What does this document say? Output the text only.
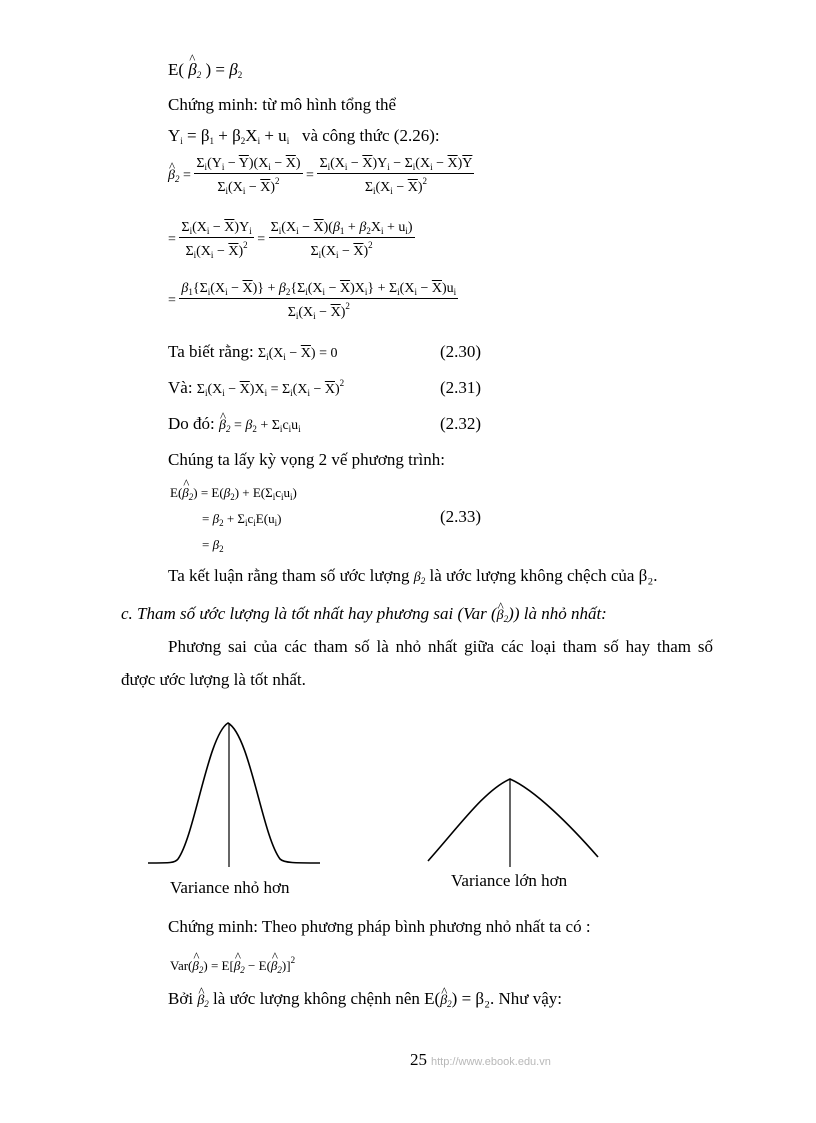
E( ^ $\beta_2$ ) = $\beta_2$
Chứng minh: từ mô hình tổng thể
$Y_i = \beta_1 + \beta_2X_i + u_i$ và công thức (2.26):
^ $\beta_2 = \frac{\Sigma_i(Y_i - \overline{Y})(X_i - \overline{X})}{\Sigma_i(X_i - \overline{X})^2} = \frac{\Sigma_i(X_i - \overline{X})Y_i - \Sigma_i(X_i - \overline{X})\overline{Y}}{\Sigma_i(X_i - \overline{X})^2}$
= $\frac{\Sigma_i(X_i - \overline{X})Y_i}{\Sigma_i(X_i - \overline{X})^2} = \frac{\Sigma_i(X_i - \overline{X})(\beta_1 + \beta_2X_i + u_i)}{\Sigma_i(X_i - \overline{X})^2}$
= $\frac{\beta_1\{\Sigma_i(X_i - \overline{X})\} + \beta_2\{\Sigma_i(X_i - \overline{X})X_i\} + \Sigma_i(X_i - \overline{X})u_i}{\Sigma_i(X_i - \overline{X})^2}$
Ta biết rằng: $\Sigma_i(X_i - \overline{X}) = 0$	(2.30)
Và: $\Sigma_i(X_i - \overline{X})X_i = \Sigma_i(X_i - \overline{X})^2$	(2.31)
Do đó: ^ $\beta_2 = \beta_2 + \Sigma_ic_iu_i$	(2.32)
Chúng ta lấy kỳ vọng 2 vế phương trình:
E(^ $\beta_2) = E(\beta_2) + E(\Sigma_ic_iu_i)$
= $\beta_2 + \Sigma_ic_iE(u_i)$
= $\beta_2$
(2.33)
Ta kết luận rằng tham số ước lượng $\beta_2$ là ước lượng không chệch của β₂.
c. Tham số ước lượng là tốt nhất hay phương sai (Var (^ $\beta_2$)) là nhỏ nhất:
Phương sai của các tham số là nhỏ nhất giữa các loại tham số hay tham số
được ước lượng là tốt nhất.
Variance nhỏ hơn	Variance lớn hơn
Chứng minh: Theo phương pháp bình phương nhỏ nhất ta có :
Var(^ $\beta_2$) = E[^ $\beta_2$ − E(^ $\beta_2)]^2$
Bởi ^ $\beta_2$ là ước lượng không chệnh nên E(^ $\beta_2) = \beta_2$. Như vậy:
25 http://www.ebook.edu.vn
